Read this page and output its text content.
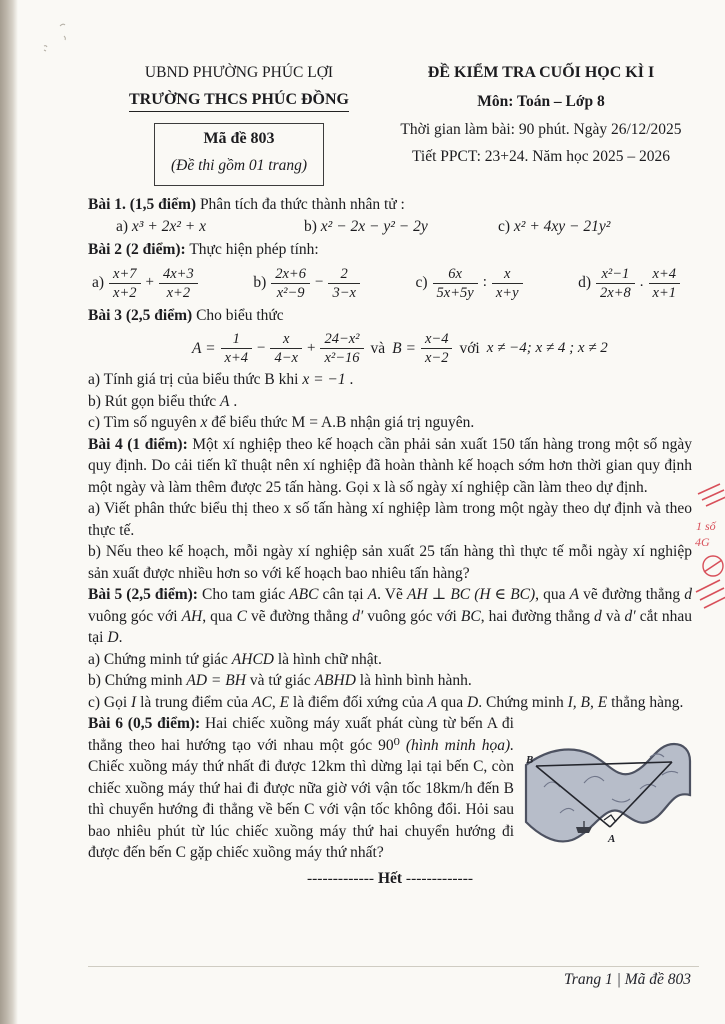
UBND PHƯỜNG PHÚC LỢI
TRƯỜNG THCS PHÚC ĐỒNG
Mã đề 803
(Đề thi gồm 01 trang)
ĐỀ KIỂM TRA CUỐI HỌC KÌ I
Môn: Toán – Lớp 8
Thời gian làm bài: 90 phút. Ngày 26/12/2025
Tiết PPCT: 23+24. Năm học 2025 – 2026
Bài 1. (1,5 điểm) Phân tích đa thức thành nhân tử :
a) x³ + 2x² + x	b) x² − 2x − y² − 2y	c) x² + 4xy − 21y²
Bài 2 (2 điểm): Thực hiện phép tính:
$a) \frac{x+7}{x+2} + \frac{4x+3}{x+2}$	$b) \frac{2x+6}{\text{x²−9}} - \frac{2}{3-x}$	$c) \frac{6x}{5x+5y}$ : $\frac{x}{x+y}$	$d) \frac{\text{x²−1}}{2x+8}$ . $\frac{x+4}{x+1}$
Bài 3 (2,5 điểm) Cho biểu thức
$A = \frac{1}{x+4} - \frac{x}{4-x} + \frac{\text{24−x²}}{\text{x²−16}}$ và $B = \frac{x-4}{x-2}$ với x ≠ −4; x ≠ 4 ; x ≠ 2
a) Tính giá trị của biểu thức B khi x = −1 .
b) Rút gọn biểu thức A .
c) Tìm số nguyên x để biểu thức M = A.B nhận giá trị nguyên.
Bài 4 (1 điểm): Một xí nghiệp theo kế hoạch cần phải sản xuất 150 tấn hàng trong một số ngày quy định. Do cải tiến kĩ thuật nên xí nghiệp đã hoàn thành kế hoạch sớm hơn thời gian quy định một ngày và làm thêm được 25 tấn hàng. Gọi x là số ngày xí nghiệp cần làm theo dự định.
a) Viết phân thức biểu thị theo x số tấn hàng xí nghiệp làm trong một ngày theo dự định và theo thực tế.
b) Nếu theo kế hoạch, mỗi ngày xí nghiệp sản xuất 25 tấn hàng thì thực tế mỗi ngày xí nghiệp sản xuất được nhiều hơn so với kế hoạch bao nhiêu tấn hàng?
Bài 5 (2,5 điểm): Cho tam giác ABC cân tại A. Vẽ AH ⊥ BC (H ∈ BC), qua A vẽ đường thẳng d vuông góc với AH, qua C vẽ đường thẳng d′ vuông góc với BC, hai đường thẳng d và d′ cắt nhau tại D.
a) Chứng minh tứ giác AHCD là hình chữ nhật.
b) Chứng minh AD = BH và tứ giác ABHD là hình bình hành.
c) Gọi I là trung điểm của AC, E là điểm đối xứng của A qua D. Chứng minh I, B, E thẳng hàng.
B
A
Bài 6 (0,5 điểm): Hai chiếc xuồng máy xuất phát cùng từ bến A đi thẳng theo hai hướng tạo với nhau một góc 90⁰ (hình minh họa). Chiếc xuồng máy thứ nhất đi được 12km thì dừng lại tại bến C, còn chiếc xuồng máy thứ hai đi được nữa giờ với vận tốc 18km/h đến B thì chuyển hướng đi thẳng về bến C với vận tốc không đổi. Hỏi sau bao nhiêu phút từ lúc chiếc xuồng máy thứ hai chuyển hướng đi được đến bến C gặp chiếc xuồng máy thứ nhất?
------------- Hết -------------
1 số
4G
Trang 1 | Mã đề 803
